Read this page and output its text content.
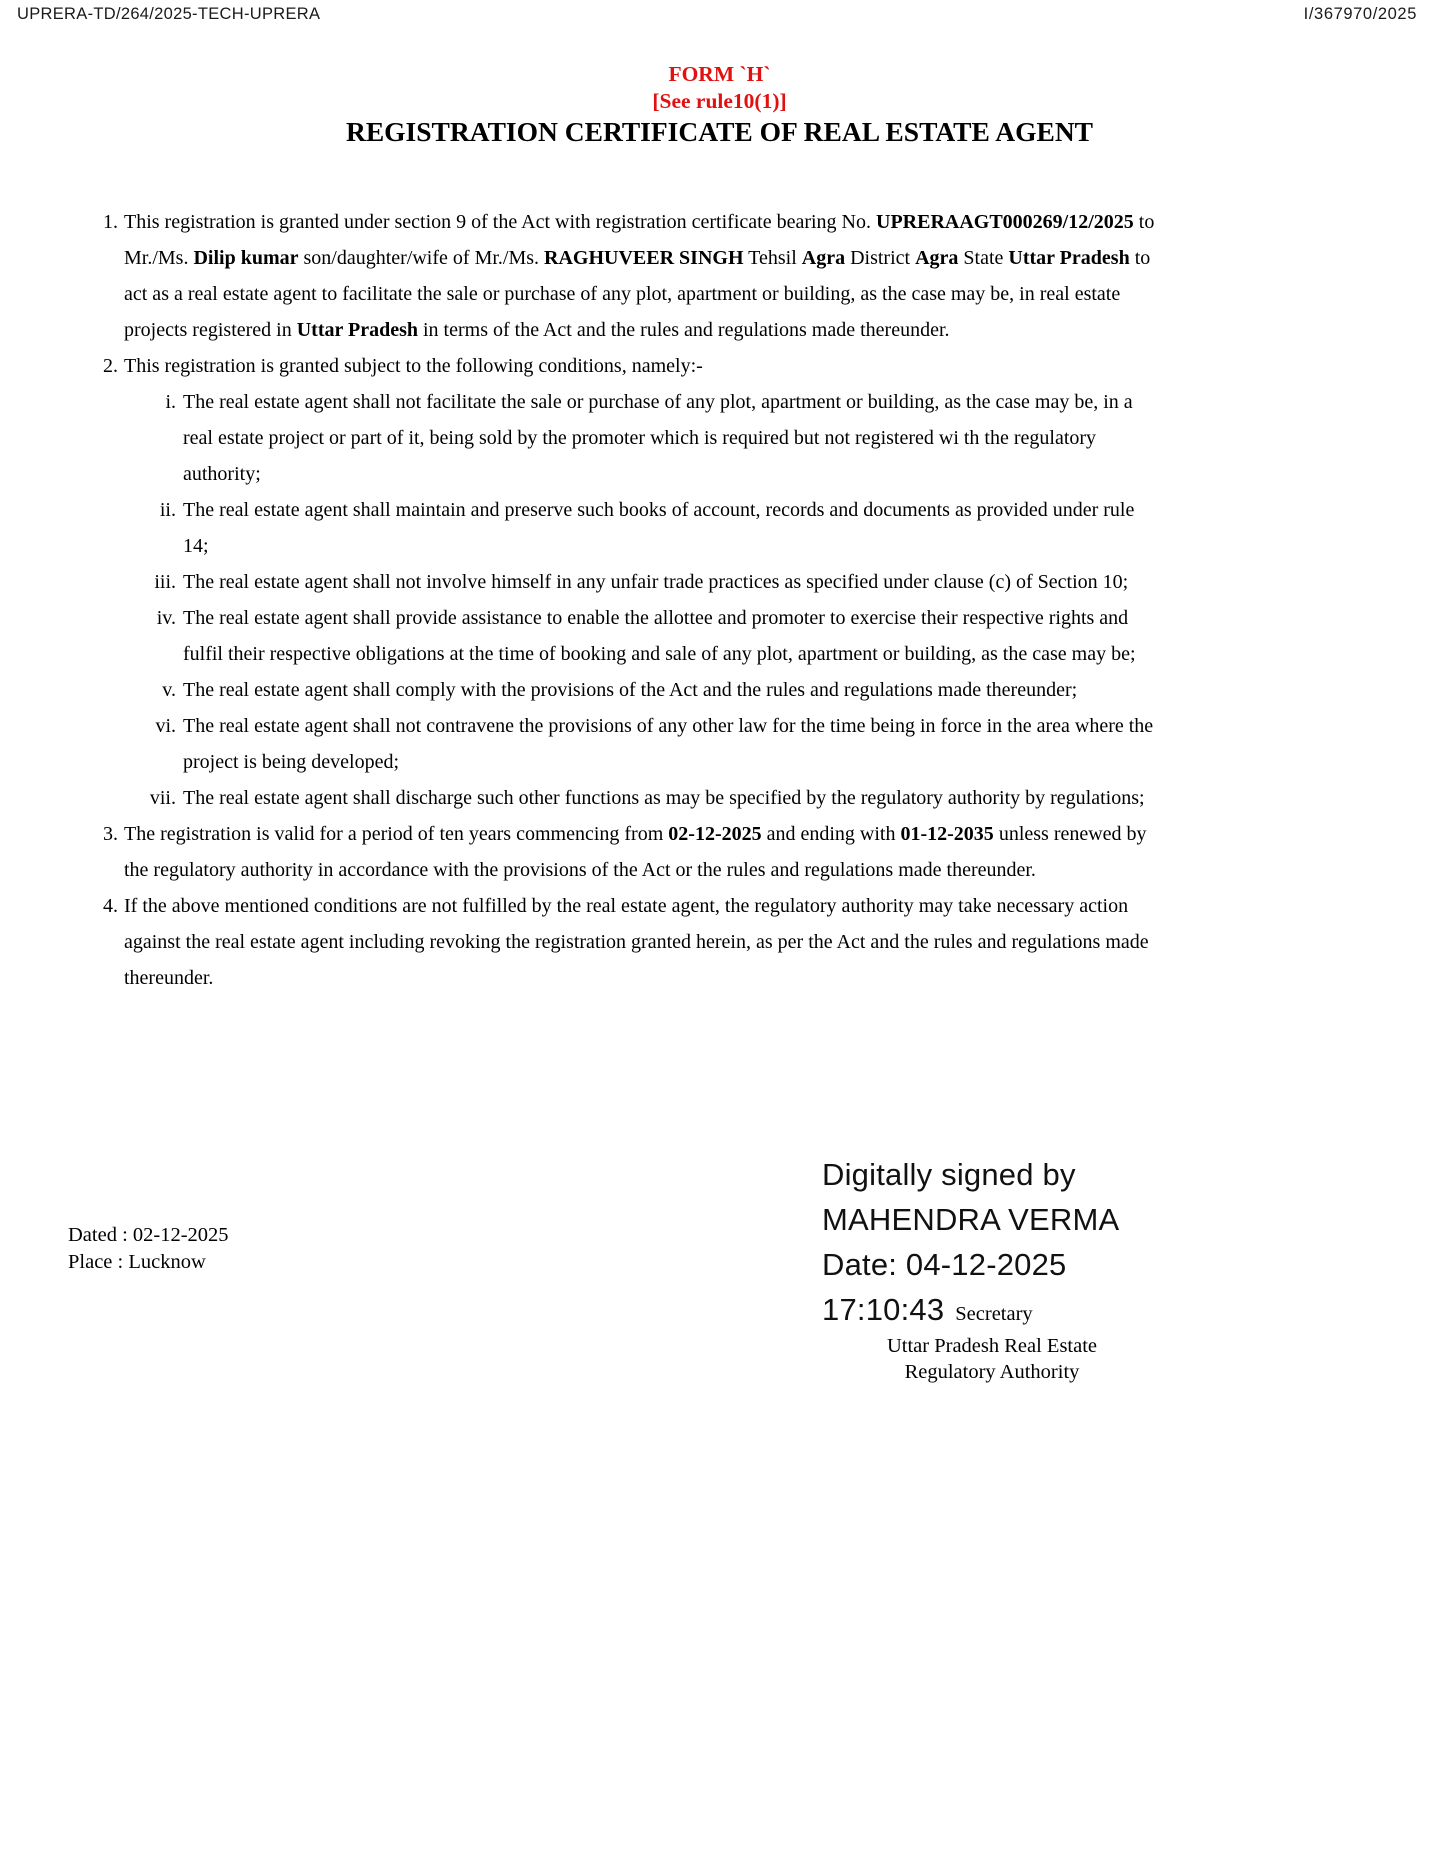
UPRERA-TD/264/2025-TECH-UPRERA	I/367970/2025
FORM `H`
[See rule10(1)]
REGISTRATION CERTIFICATE OF REAL ESTATE AGENT
1. This registration is granted under section 9 of the Act with registration certificate bearing No. UPRERAAGT000269/12/2025 to Mr./Ms. Dilip kumar son/daughter/wife of Mr./Ms. RAGHUVEER SINGH Tehsil Agra District Agra State Uttar Pradesh to act as a real estate agent to facilitate the sale or purchase of any plot, apartment or building, as the case may be, in real estate projects registered in Uttar Pradesh in terms of the Act and the rules and regulations made thereunder.
2. This registration is granted subject to the following conditions, namely:-
i. The real estate agent shall not facilitate the sale or purchase of any plot, apartment or building, as the case may be, in a real estate project or part of it, being sold by the promoter which is required but not registered wi th the regulatory authority;
ii. The real estate agent shall maintain and preserve such books of account, records and documents as provided under rule 14;
iii. The real estate agent shall not involve himself in any unfair trade practices as specified under clause (c) of Section 10;
iv. The real estate agent shall provide assistance to enable the allottee and promoter to exercise their respective rights and fulfil their respective obligations at the time of booking and sale of any plot, apartment or building, as the case may be;
v. The real estate agent shall comply with the provisions of the Act and the rules and regulations made thereunder;
vi. The real estate agent shall not contravene the provisions of any other law for the time being in force in the area where the project is being developed;
vii. The real estate agent shall discharge such other functions as may be specified by the regulatory authority by regulations;
3. The registration is valid for a period of ten years commencing from 02-12-2025 and ending with 01-12-2035 unless renewed by the regulatory authority in accordance with the provisions of the Act or the rules and regulations made thereunder.
4. If the above mentioned conditions are not fulfilled by the real estate agent, the regulatory authority may take necessary action against the real estate agent including revoking the registration granted herein, as per the Act and the rules and regulations made thereunder.
Dated : 02-12-2025
Place : Lucknow
Digitally signed by
MAHENDRA VERMA
Date: 04-12-2025
17:10:43 Secretary
Uttar Pradesh Real Estate
Regulatory Authority
